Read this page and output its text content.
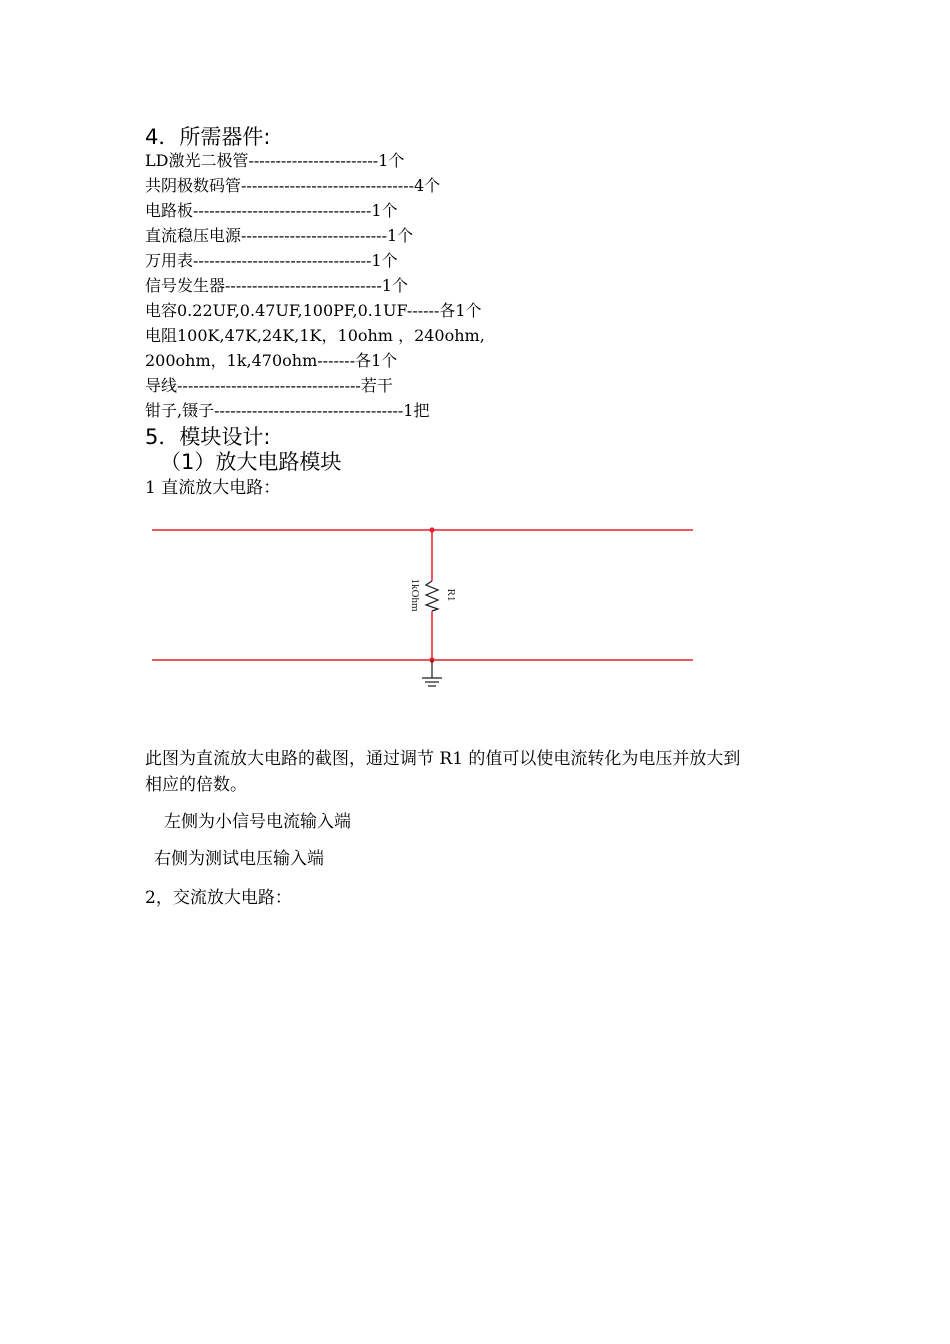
4．所需器件:
LD激光二极管------------------------1个
共阴极数码管--------------------------------4个
电路板---------------------------------1个
直流稳压电源---------------------------1个
万用表---------------------------------1个
信号发生器-----------------------------1个
电容0.22UF,0.47UF,100PF,0.1UF------各1个
电阻100K,47K,24K,1K，10ohm ，240ohm,
200ohm，1k,470ohm-------各1个
导线----------------------------------若干
钳子,镊子-----------------------------------1把
5．模块设计:
（1）放大电路模块
1 直流放大电路：
R1
1kOhm
此图为直流放大电路的截图，通过调节 R1 的值可以使电流转化为电压并放大到
相应的倍数。
左侧为小信号电流输入端
右侧为测试电压输入端
2，交流放大电路：
